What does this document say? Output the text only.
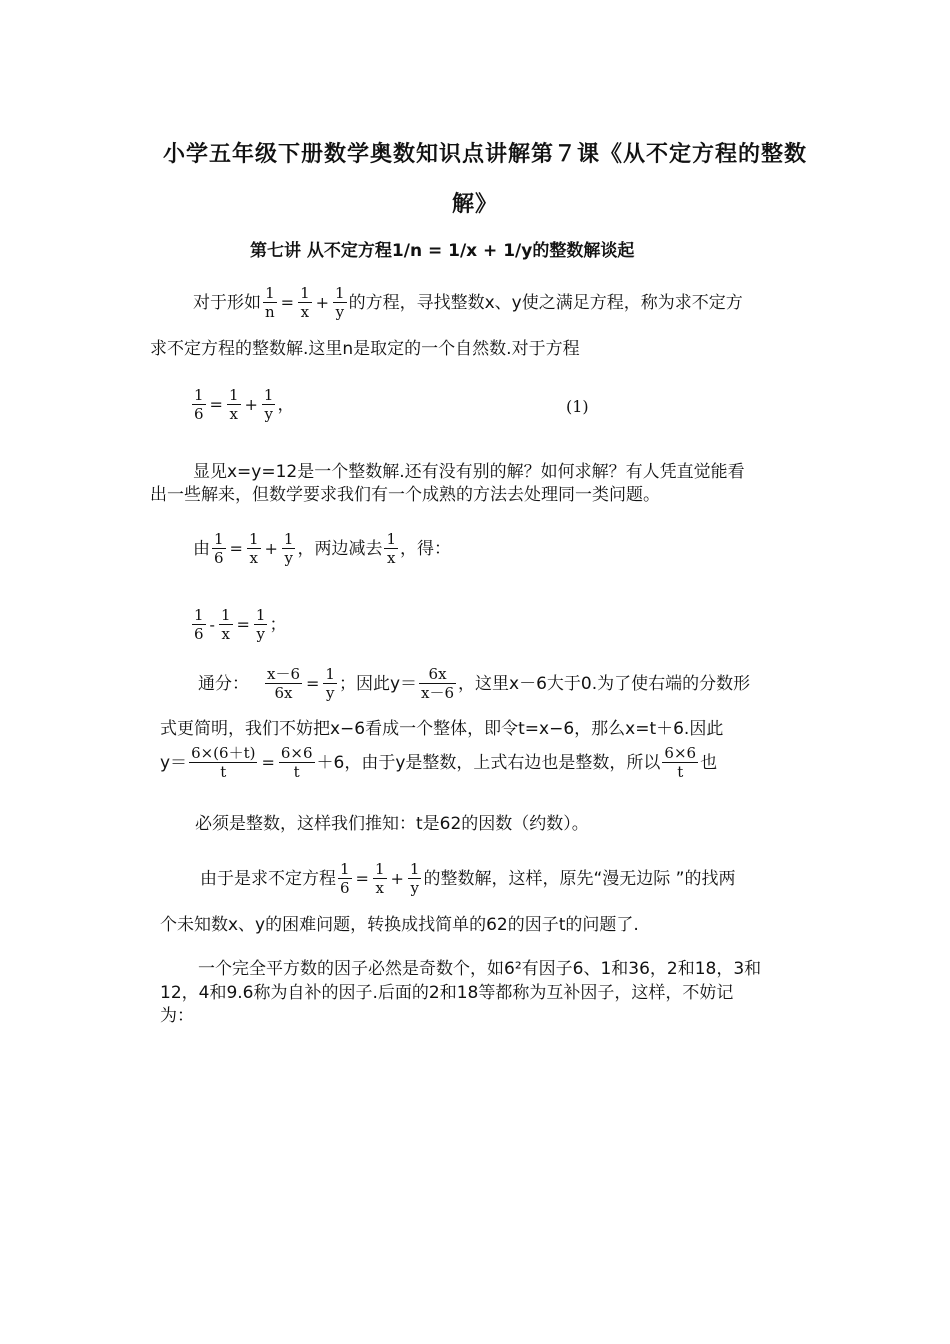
小学五年级下册数学奥数知识点讲解第７课《从不定方程的整数
解》
第七讲 从不定方程1/n = 1/x + 1/y的整数解谈起
对于形如 $\frac{1}{n} = \frac{1}{x} + \frac{1}{y}$ 的方程，寻找整数x、y使之满足方程，称为求不定方
求不定方程的整数解.这里n是取定的一个自然数.对于方程
$\frac{1}{6} = \frac{1}{x} + \frac{1}{y}$ ，	(1)
显见x=y=12是一个整数解.还有没有别的解？如何求解？有人凭直觉能看
出一些解来，但数学要求我们有一个成熟的方法去处理同一类问题。
由 $\frac{1}{6} = \frac{1}{x} + \frac{1}{y}$ ，两边减去 $\frac{1}{x}$ ，得：
$\frac{1}{6} - \frac{1}{x} = \frac{1}{y}$ ；
通分： $\frac{x-6}{6x} = \frac{1}{y}$ ；因此$y= \frac{6x}{x-6}$ ，这里x－6大于0.为了使右端的分数形
式更简明，我们不妨把x−6看成一个整体，即令t=x−6，那么x=t＋6.因此
$y= \frac{6\times(6+t)}{t} = \frac{6\times 6}{t} +6$，由于y是整数，上式右边也是整数，所以 $\frac{6\times 6}{t}$ 也
必须是整数，这样我们推知：t是62的因数（约数）。
由于是求不定方程 $\frac{1}{6} = \frac{1}{x} + \frac{1}{y}$ 的整数解，这样，原先“漫无边际 ”的找两
个未知数x、y的困难问题，转换成找简单的62的因子t的问题了.
一个完全平方数的因子必然是奇数个，如6²有因子6、1和36，2和18，3和
12，4和9.6称为自补的因子.后面的2和18等都称为互补因子，这样，不妨记
为：
